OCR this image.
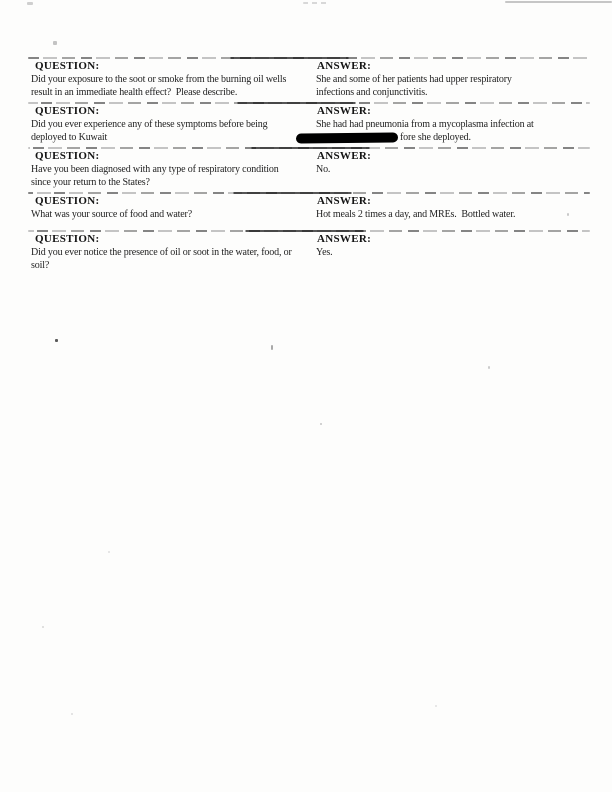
QUESTION:
Did your exposure to the soot or smoke from the burning oil wells
result in an immediate health effect?  Please describe.
ANSWER:
She and some of her patients had upper respiratory
infections and conjunctivitis.
QUESTION:
Did you ever experience any of these symptoms before being
deployed to Kuwait
ANSWER:
She had had pneumonia from a mycoplasma infection at
fore she deployed.
QUESTION:
Have you been diagnosed with any type of respiratory condition
since your return to the States?
ANSWER:
No.
QUESTION:
What was your source of food and water?
ANSWER:
Hot meals 2 times a day, and MREs.  Bottled water.
QUESTION:
Did you ever notice the presence of oil or soot in the water, food, or
soil?
ANSWER:
Yes.
